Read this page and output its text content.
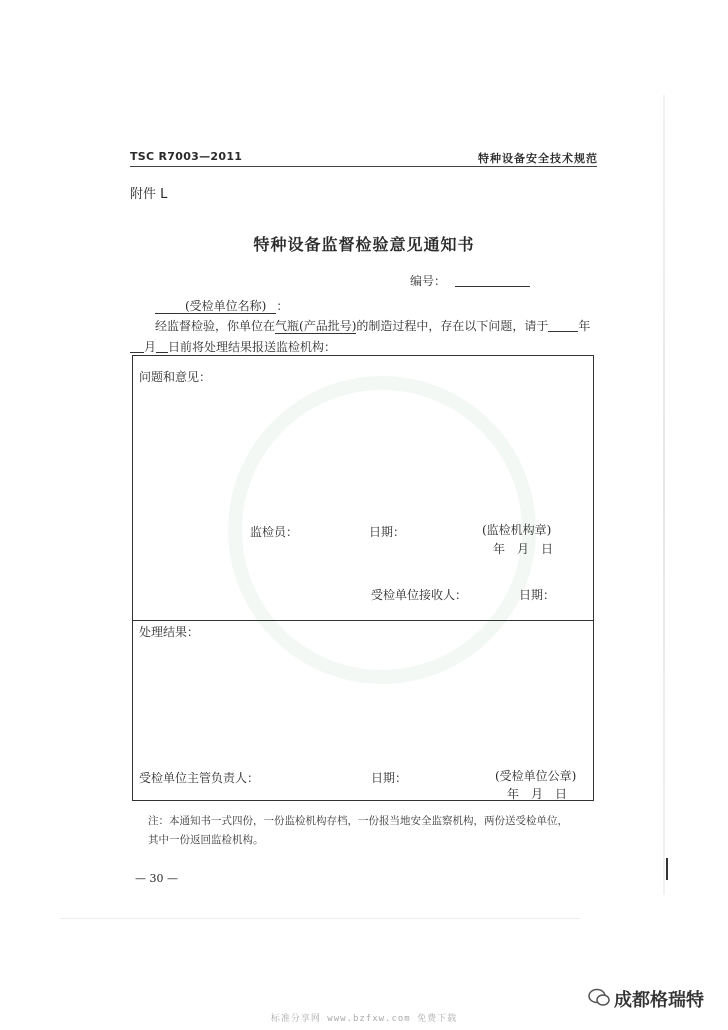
TSC R7003—2011	特种设备安全技术规范
附件 L
特种设备监督检验意见通知书
编号：
(受检单位名称) ：
经监督检验，你单位在气瓶(产品批号)的制造过程中，存在以下问题，请于	年
月 日前将处理结果报送监检机构：
问题和意见：
监检员：	日期：	(监检机构章)
年　月　日
受检单位接收人：	日期：
处理结果：
受检单位主管负责人：	日期：	(受检单位公章)
年　月　日
注：本通知书一式四份，一份监检机构存档，一份报当地安全监察机构，两份送受检单位，
其中一份返回监检机构。
— 30 —
成都格瑞特
标准分享网 www.bzfxw.com 免费下载
